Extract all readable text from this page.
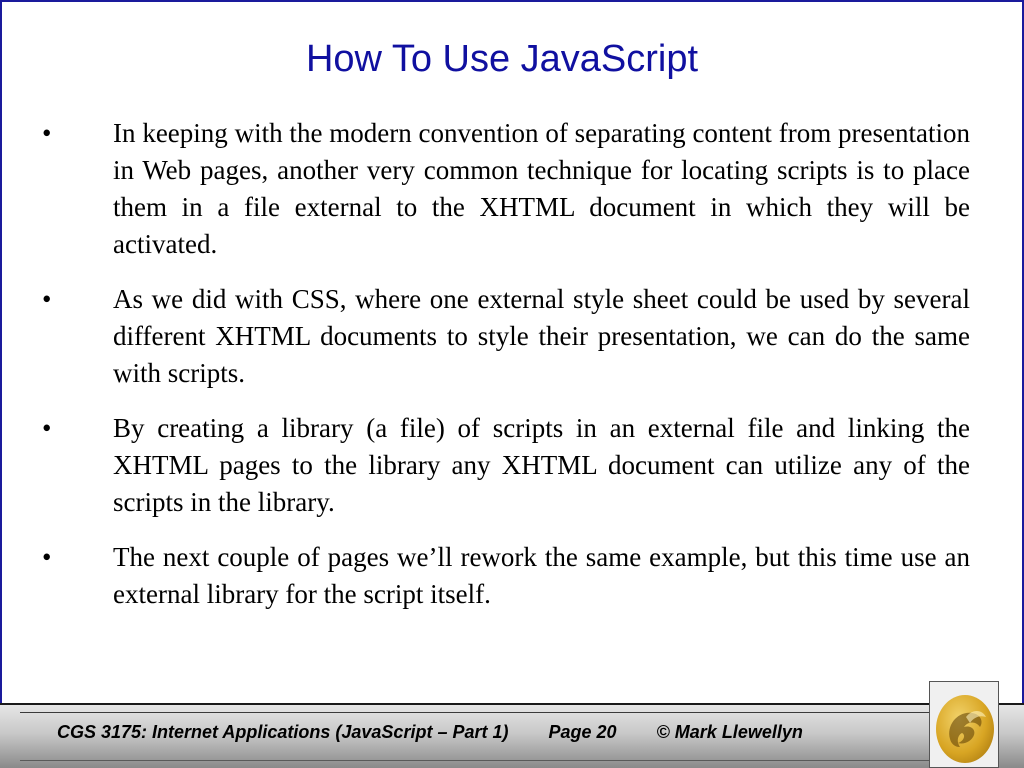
How To Use JavaScript
•	In keeping with the modern convention of separating content from presentation in Web pages, another very common technique for locating scripts is to place them in a file external to the XHTML document in which they will be activated.
•	As we did with CSS, where one external style sheet could be used by several different XHTML documents to style their presentation, we can do the same with scripts.
•	By creating a library (a file) of scripts in an external file and linking the XHTML pages to the library any XHTML document can utilize any of the scripts in the library.
•	The next couple of pages we’ll rework the same example, but this time use an external library for the script itself.
CGS 3175: Internet Applications (JavaScript – Part 1) Page 20 © Mark Llewellyn
